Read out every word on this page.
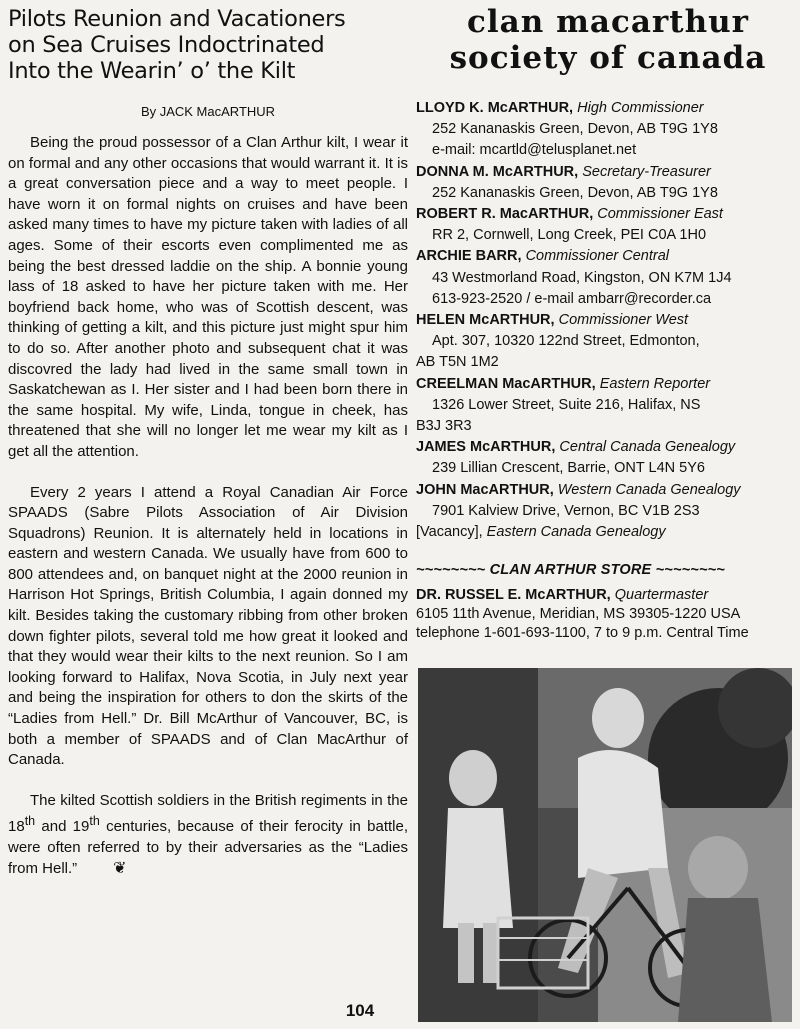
Pilots Reunion and Vacationers
on Sea Cruises Indoctrinated
Into the Wearin’ o’ the Kilt
By JACK MacARTHUR

Being the proud possessor of a Clan Arthur kilt, I wear it on formal and any other occasions that would warrant it. It is a great conversation piece and a way to meet people. I have worn it on formal nights on cruises and have been asked many times to have my picture taken with ladies of all ages. Some of their escorts even complimented me as being the best dressed laddie on the ship. A bonnie young lass of 18 asked to have her picture taken with me. Her boyfriend back home, who was of Scottish descent, was thinking of getting a kilt, and this picture just might spur him to do so. After another photo and subsequent chat it was discovred the lady had lived in the same small town in Saskatchewan as I. Her sister and I had been born there in the same hospital. My wife, Linda, tongue in cheek, has threatened that she will no longer let me wear my kilt as I get all the attention.

Every 2 years I attend a Royal Canadian Air Force SPAADS (Sabre Pilots Association of Air Division Squadrons) Reunion. It is alternately held in locations in eastern and western Canada. We usually have from 600 to 800 attendees and, on banquet night at the 2000 reunion in Harrison Hot Springs, British Columbia, I again donned my kilt. Besides taking the customary ribbing from other broken down fighter pilots, several told me how great it looked and that they would wear their kilts to the next reunion. So I am looking forward to Halifax, Nova Scotia, in July next year and being the inspiration for others to don the skirts of the “Ladies from Hell.” Dr. Bill McArthur of Vancouver, BC, is both a member of SPAADS and of Clan MacArthur of Canada.

The kilted Scottish soldiers in the British regiments in the 18th and 19th centuries, because of their ferocity in battle, were often referred to by their adversaries as the “Ladies from Hell.” ❦

104
clan macarthur
society of canada
LLOYD K. McARTHUR, High Commissioner
252 Kananaskis Green, Devon, AB T9G 1Y8
e-mail: mcartld@telusplanet.net
DONNA M. McARTHUR, Secretary-Treasurer
252 Kananaskis Green, Devon, AB T9G 1Y8
ROBERT R. MacARTHUR, Commissioner East
RR 2, Cornwell, Long Creek, PEI C0A 1H0
ARCHIE BARR, Commissioner Central
43 Westmorland Road, Kingston, ON K7M 1J4
613-923-2520 / e-mail ambarr@recorder.ca
HELEN McARTHUR, Commissioner West
Apt. 307, 10320 122nd Street, Edmonton,
AB T5N 1M2
CREELMAN MacARTHUR, Eastern Reporter
1326 Lower Street, Suite 216, Halifax, NS
B3J 3R3
JAMES McARTHUR, Central Canada Genealogy
239 Lillian Crescent, Barrie, ONT L4N 5Y6
JOHN MacARTHUR, Western Canada Genealogy
7901 Kalview Drive, Vernon, BC V1B 2S3
[Vacancy], Eastern Canada Genealogy
~~~~~~~~ CLAN ARTHUR STORE ~~~~~~~~
DR. RUSSEL E. McARTHUR, Quartermaster
6105 11th Avenue, Meridian, MS 39305-1220 USA
telephone 1-601-693-1100, 7 to 9 p.m. Central Time
